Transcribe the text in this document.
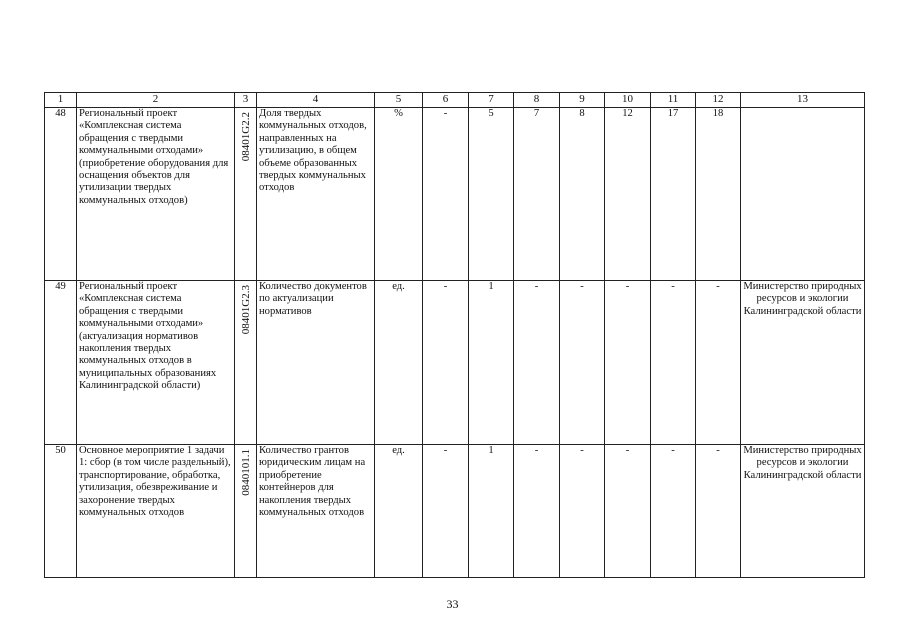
1	2	3	4	5	6	7	8	9	10	11	12	13
48	Региональный проект «Комплексная система обращения с твердыми коммунальными отходами» (приобретение оборудования для оснащения объектов для утилизации твердых коммунальных отходов)	08401G2.2	Доля твердых коммунальных отходов, направленных на утилизацию, в общем объеме образованных твердых коммунальных отходов	%	-	5	7	8	12	17	18	
49	Региональный проект «Комплексная система обращения с твердыми коммунальными отходами» (актуализация нормативов накопления твердых коммунальных отходов в муниципальных образованиях Калининградской области)	08401G2.3	Количество документов по актуализации нормативов	ед.	-	1	-	-	-	-	-	Министерство природных ресурсов и экологии Калининградской области
50	Основное мероприятие 1 задачи 1: сбор (в том числе раздельный), транспортирование, обработка, утилизация, обезвреживание и захоронение твердых коммунальных отходов	0840101.1	Количество грантов юридическим лицам на приобретение контейнеров для накопления твердых коммунальных отходов	ед.	-	1	-	-	-	-	-	Министерство природных ресурсов и экологии Калининградской области
33
